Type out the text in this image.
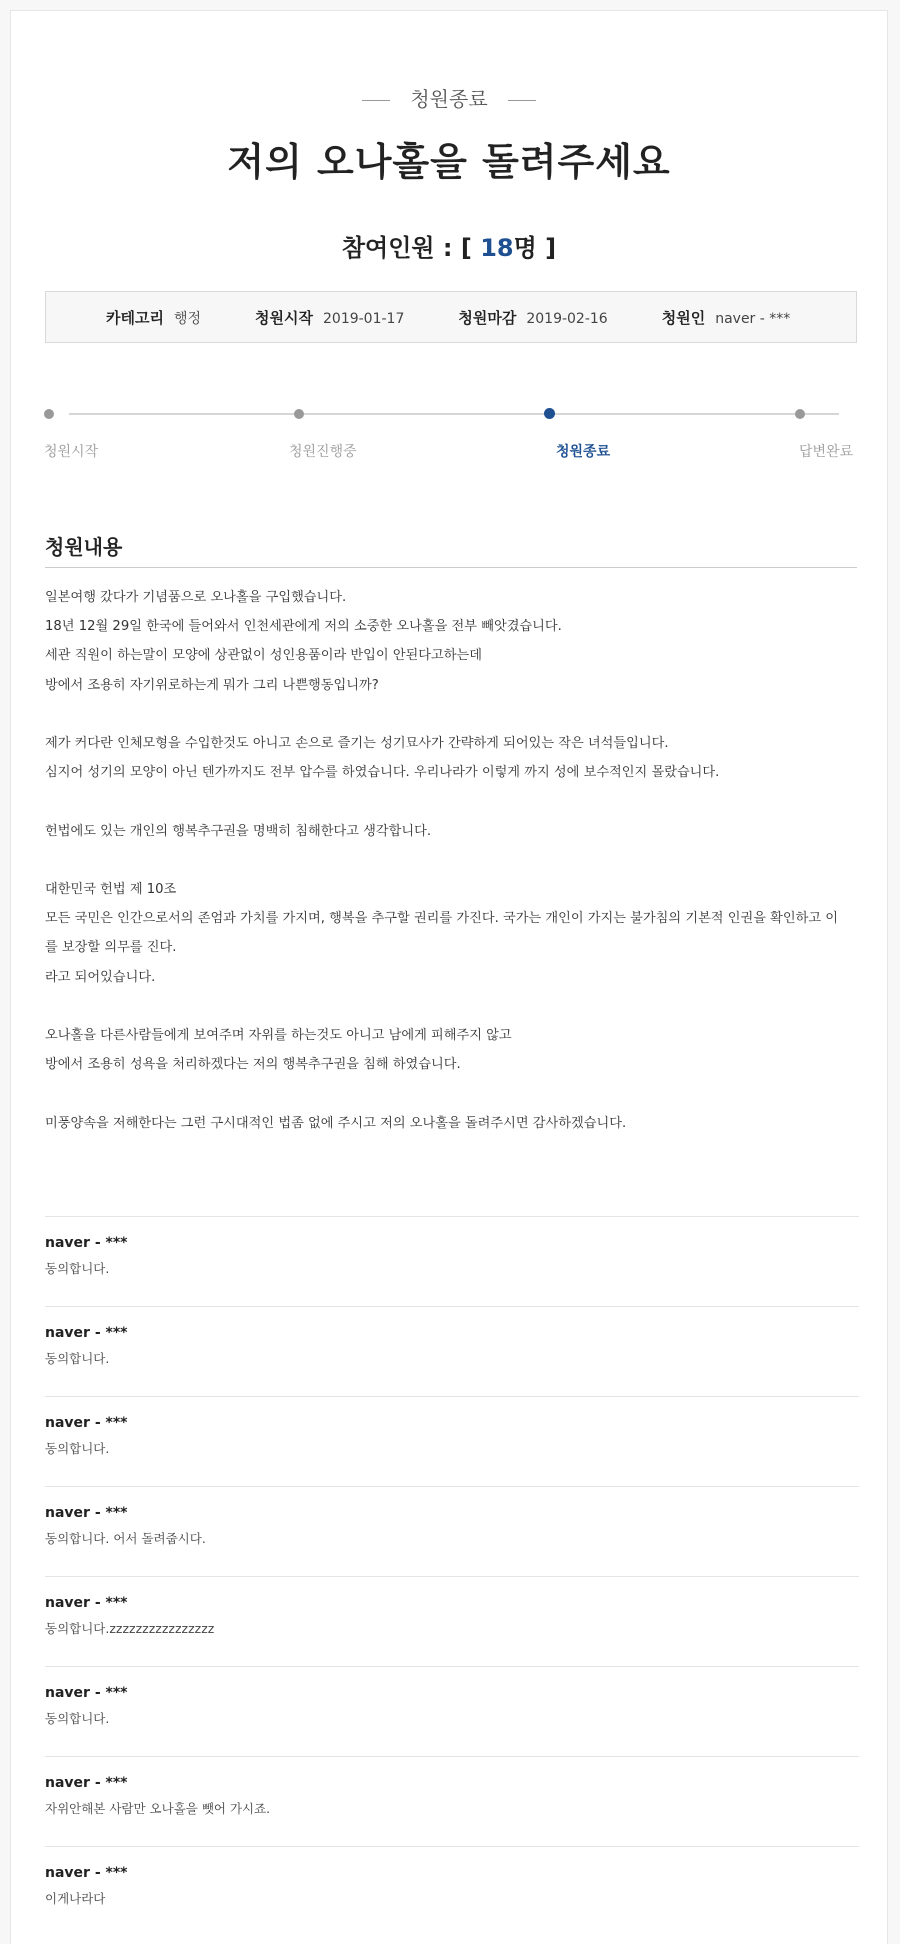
청원종료
저의 오나홀을 돌려주세요
참여인원 : [ 18명 ]
카테고리 행정	청원시작 2019-01-17	청원마감 2019-02-16	청원인 naver - ***
청원시작	청원진행중	청원종료	답변완료
청원내용

일본여행 갔다가 기념품으로 오나홀을 구입했습니다.

18년 12월 29일 한국에 들어와서 인천세관에게 저의 소중한 오나홀을 전부 빼앗겼습니다.

세관 직원이 하는말이 모양에 상관없이 성인용품이라 반입이 안된다고하는데

방에서 조용히 자기위로하는게 뭐가 그리 나쁜행동입니까?

제가 커다란 인체모형을 수입한것도 아니고 손으로 즐기는 성기묘사가 간략하게 되어있는 작은 녀석들입니다.

심지어 성기의 모양이 아닌 텐가까지도 전부 압수를 하였습니다. 우리나라가 이렇게 까지 성에 보수적인지 몰랐습니다.

헌법에도 있는 개인의 행복추구권을 명백히 침해한다고 생각합니다.

대한민국 헌법 제 10조

모든 국민은 인간으로서의 존엄과 가치를 가지며, 행복을 추구할 권리를 가진다. 국가는 개인이 가지는 불가침의 기본적 인권을 확인하고 이

를 보장할 의무를 진다.

라고 되어있습니다.

오나홀을 다른사람들에게 보여주며 자위를 하는것도 아니고 남에게 피해주지 않고

방에서 조용히 성욕을 처리하겠다는 저의 행복추구권을 침해 하였습니다.

미풍양속을 저해한다는 그런 구시대적인 법좀 없에 주시고 저의 오나홀을 돌려주시면 감사하겠습니다.

naver - ***
동의합니다.
naver - ***
동의합니다.
naver - ***
동의합니다.
naver - ***
동의합니다. 어서 돌려줍시다.
naver - ***
동의합니다.zzzzzzzzzzzzzzzz
naver - ***
동의합니다.
naver - ***
자위안해본 사람만 오나홀을 뺏어 가시죠.
naver - ***
이게나라다
